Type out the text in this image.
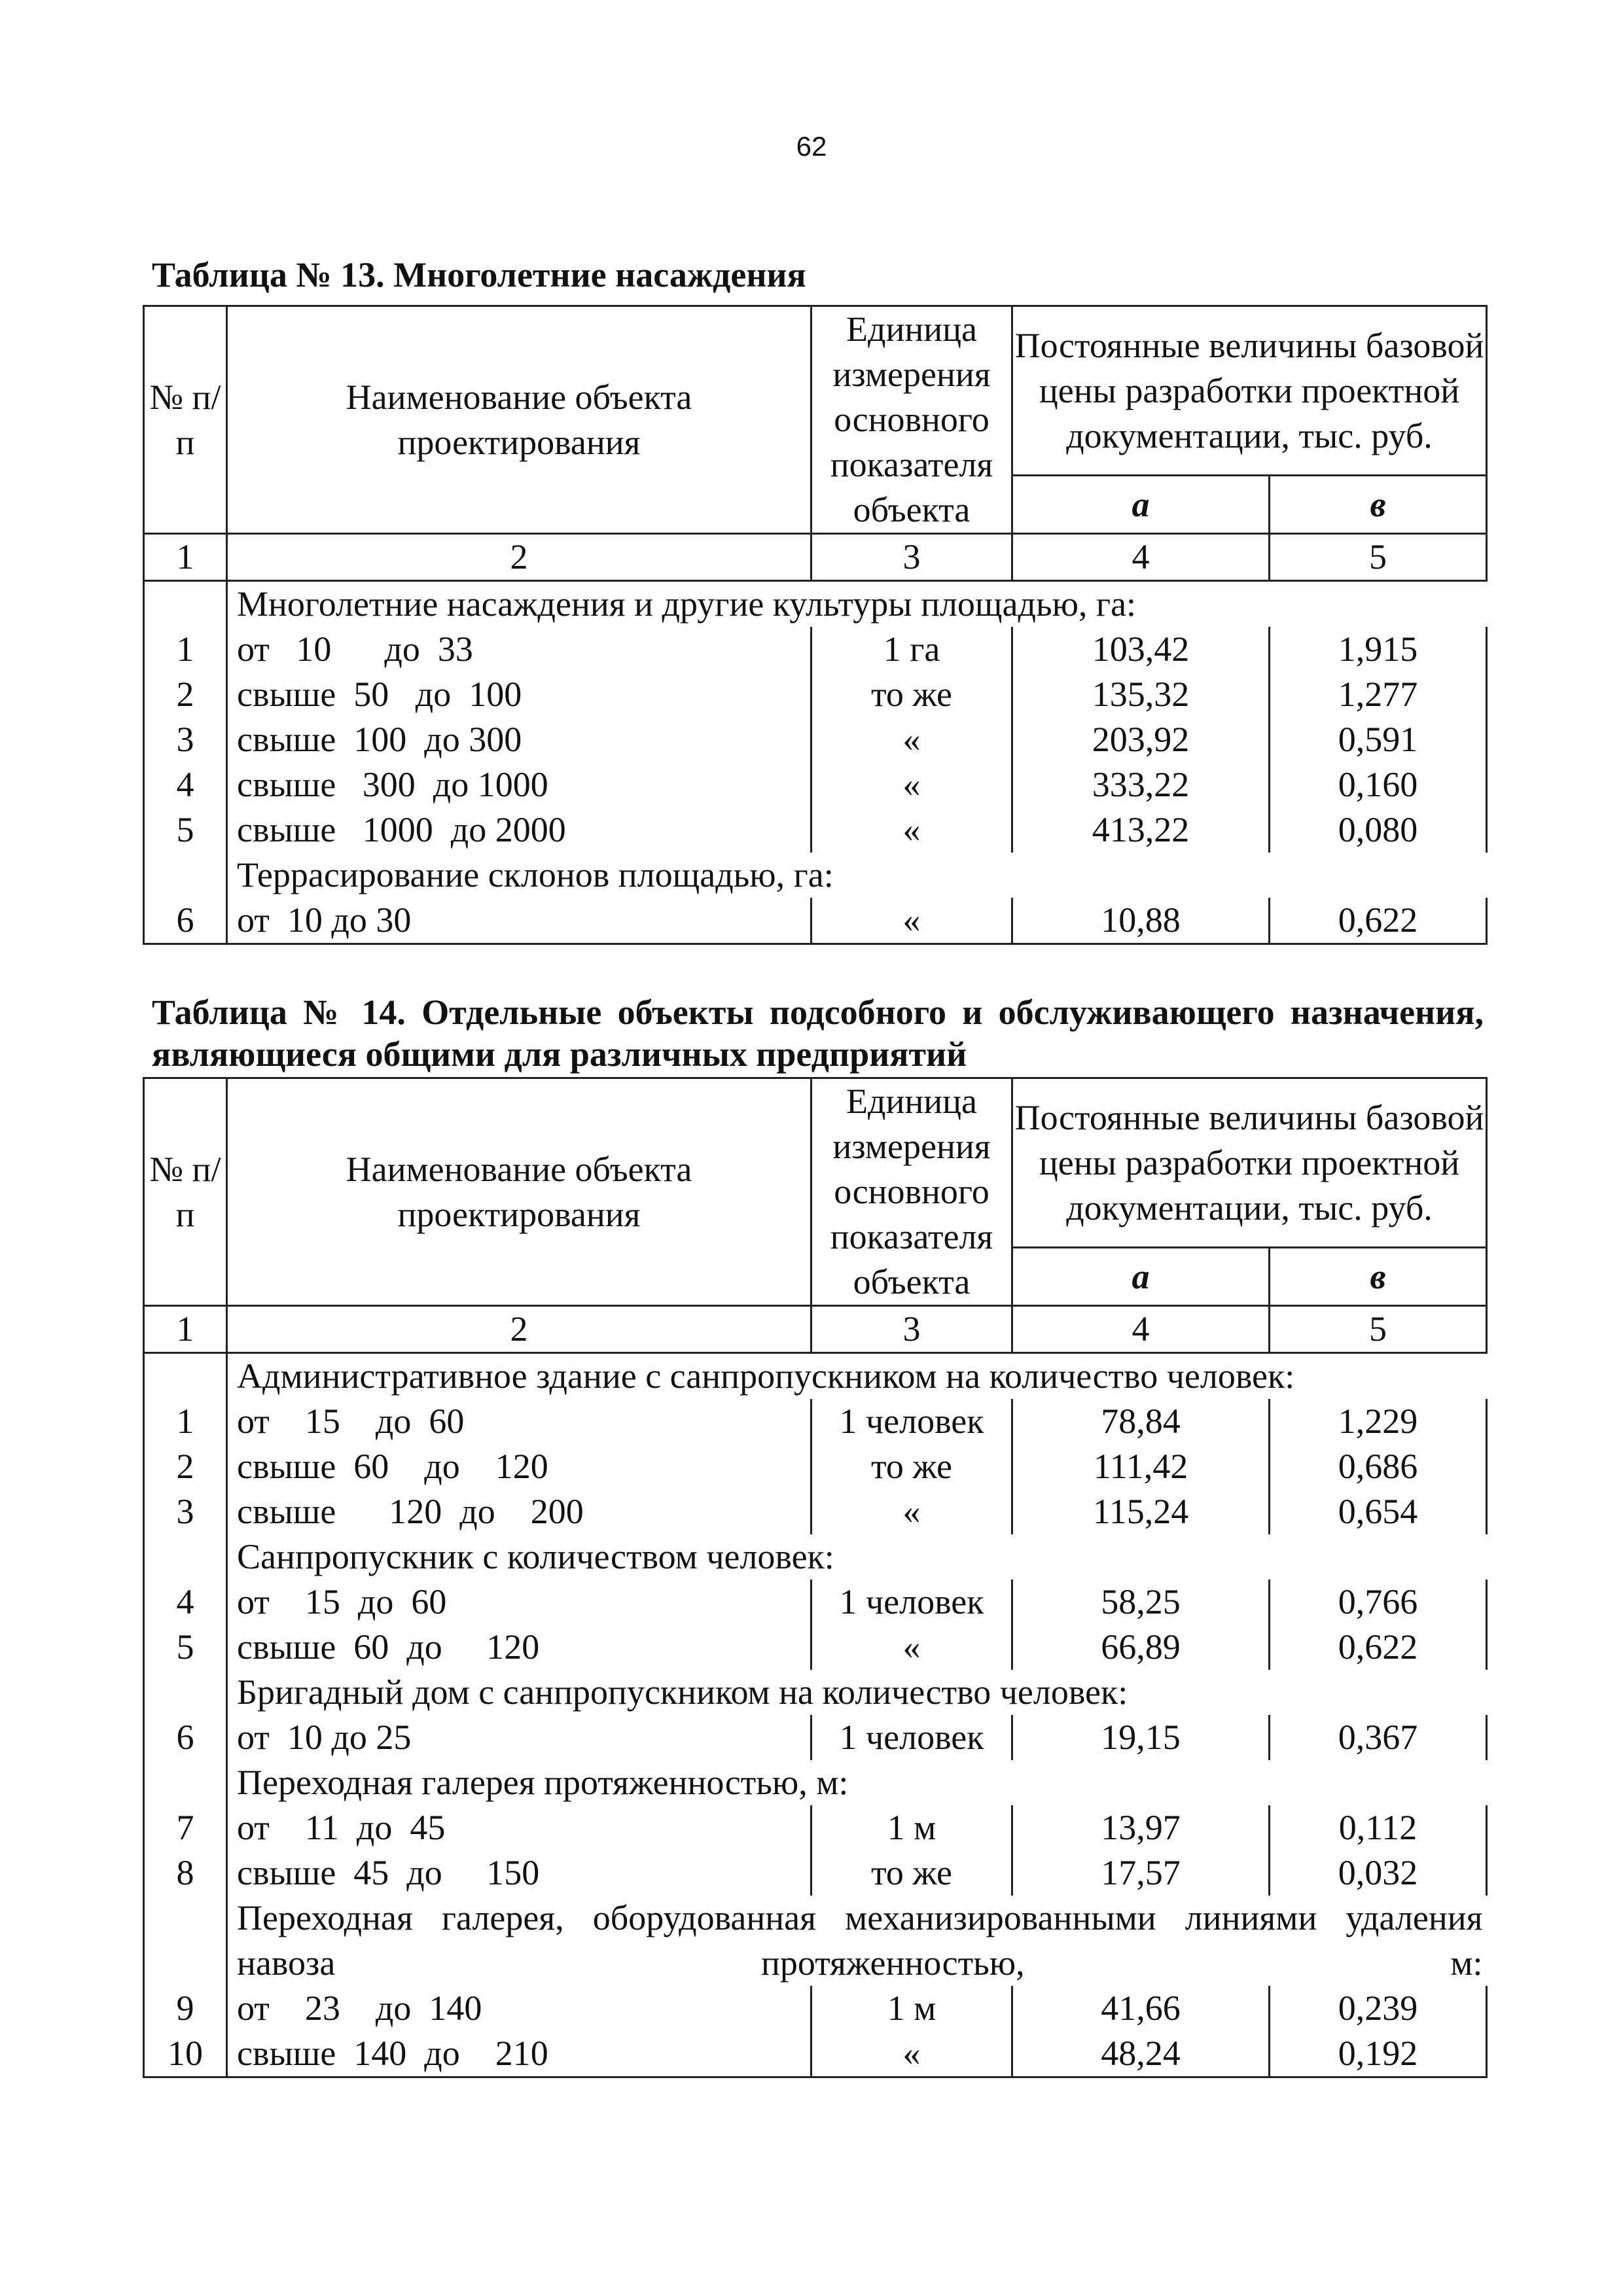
62
Таблица № 13. Многолетние насаждения
№ п/п	Наименование объекта проектирования	Единица измерения основного показателя объекта	Постоянные величины базовой цены разработки проектной документации, тыс. руб.	
			а	в
1	2	3	4	5
	Многолетние насаждения и другие культуры площадью, га:			
1	от   10      до  33	1 га	103,42	1,915
2	свыше  50   до  100	то же	135,32	1,277
3	свыше  100  до 300	«	203,92	0,591
4	свыше   300  до 1000	«	333,22	0,160
5	свыше   1000  до 2000	«	413,22	0,080
	Террасирование склонов площадью, га:			
6	от  10 до 30	«	10,88	0,622
Таблица № 14. Отдельные объекты подсобного и обслуживающего назначения, являющиеся общими для различных предприятий
№ п/п	Наименование объекта проектирования	Единица измерения основного показателя объекта	Постоянные величины базовой цены разработки проектной документации, тыс. руб.	
			а	в
1	2	3	4	5
	Административное здание с санпропускником на количество человек:			
1	от    15    до  60	1 человек	78,84	1,229
2	свыше  60    до    120	то же	111,42	0,686
3	свыше      120  до    200	«	115,24	0,654
	Санпропускник с количеством человек:			
4	от    15  до  60	1 человек	58,25	0,766
5	свыше  60  до     120	«	66,89	0,622
	Бригадный дом с санпропускником на количество человек:			
6	от  10 до 25	1 человек	19,15	0,367
	Переходная галерея протяженностью, м:			
7	от    11  до  45	1 м	13,97	0,112
8	свыше  45  до     150	то же	17,57	0,032
	Переходная галерея, оборудованная механизированными линиями удаления навоза протяженностью, м:			
9	от    23    до  140	1 м	41,66	0,239
10	свыше  140  до    210	«	48,24	0,192
